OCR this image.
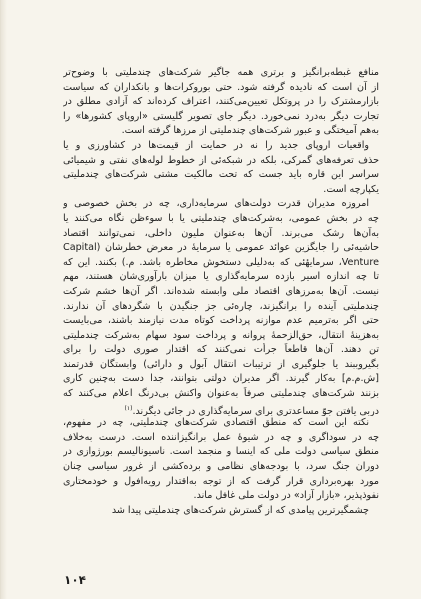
منافع غبطه‌برانگیز و برتری همه جاگیر شرکت‌های چندملیتی با وضوح‌تر
از آن است که نادیده گرفته شود. حتی بوروکرات‌ها و بانکداران که سیاست
بازارمشترک را در پروتکل تعیین‌می‌کنند، اعتراف کرده‌اند که آزادی مطلق در
تجارت دیگر به‌درد نمی‌خورد. دیگر جای تصویر گلیستی «اروپای کشورها» را
به‌هم آمیختگی و عبور شرکت‌های چندملیتی از مرزها گرفته است.
واقعیات اروپای جدید را نه در حمایت از قیمت‌ها در کشاورزی و یا
حذف تعرفه‌های گمرکی، بلکه در شبکه‌ئی از خطوط لوله‌های نفتی و شیمیائی
سراسر این قاره باید جست که تحت مالکیت مشتی شرکت‌های چندملیتی
یکپارچه است.
امروزه مدیران قدرت دولت‌های سرمایه‌داری، چه در بخش خصوصی و
چه در بخش عمومی، به‌شرکت‌های چندملیتی یا با سوءظن نگاه می‌کنند یا
به‌آن‌ها رشک می‌برند. آن‌ها به‌عنوان ملیون داخلی، نمی‌توانند اقتصاد
حاشیه‌ئی را جایگزین عوائد عمومی یا سرمایهٔ در معرض خطرشان (Capital
Venture، سرمایهٔئی که به‌دلیلی دستخوش مخاطره باشد. م.) بکنند. این که
تا چه اندازه اسیر بازده سرمایه‌گذاری یا میزان بارآوری‌شان هستند، مهم
نیست. آن‌ها به‌مرزهای اقتصاد ملی وابسته شده‌اند. اگر آن‌ها خشم شرکت
چندملیتی آینده را برانگیزند، چاره‌ئی جز جنگیدن با شگردهای آن ندارند.
حتی اگر به‌ترمیم عدم موازنه پرداخت کوتاه مدت نیازمند باشند، می‌بایست
به‌هزینهٔ انتقال، حق‌الزحمهٔ پروانه و پرداخت سود سهام به‌شرکت چندملیتی
تن دهند. آن‌ها قاطعاً جرأت نمی‌کنند که اقتدار صوری دولت را برای
بگیروببند یا جلوگیری از ترتیبات انتقال آبول و دارائی) وابستگان قدرتمند
[ش.م.م] به‌کار گیرند. اگر مدیران دولتی بتوانند، جدا دست به‌چنین کاری
بزنند شرکت‌های چندملیتی صرفاً به‌عنوان واکنش بی‌درنگ اعلام می‌کنند که
دربی یافتن جوّ مساعدتری برای سرمایه‌گذاری در جائی دیگرند.$^{(۱)}$
نکته این است که منطق اقتصادی شرکت‌های چندملیتی، چه در مفهوم،
چه در سوداگری و چه در شیوهٔ عمل برانگیزاننده است. درست به‌خلاف
منطق سیاسی دولت ملی که اینسا و منجمد است. ناسیونالیسم بورژوازی در
دوران جنگ سرد، با بودجه‌های نظامی و برده‌کشی از غرور سیاسی چنان
مورد بهره‌برداری قرار گرفت که از توجه به‌اقتدار رویه‌افول و خودمختاری
نفوذپذیر، «بازار آزاد» در دولت ملی غافل ماند.
چشمگیرترین پیامدی که از گسترش شرکت‌های چندملیتی پیدا شد
۱۰۴
